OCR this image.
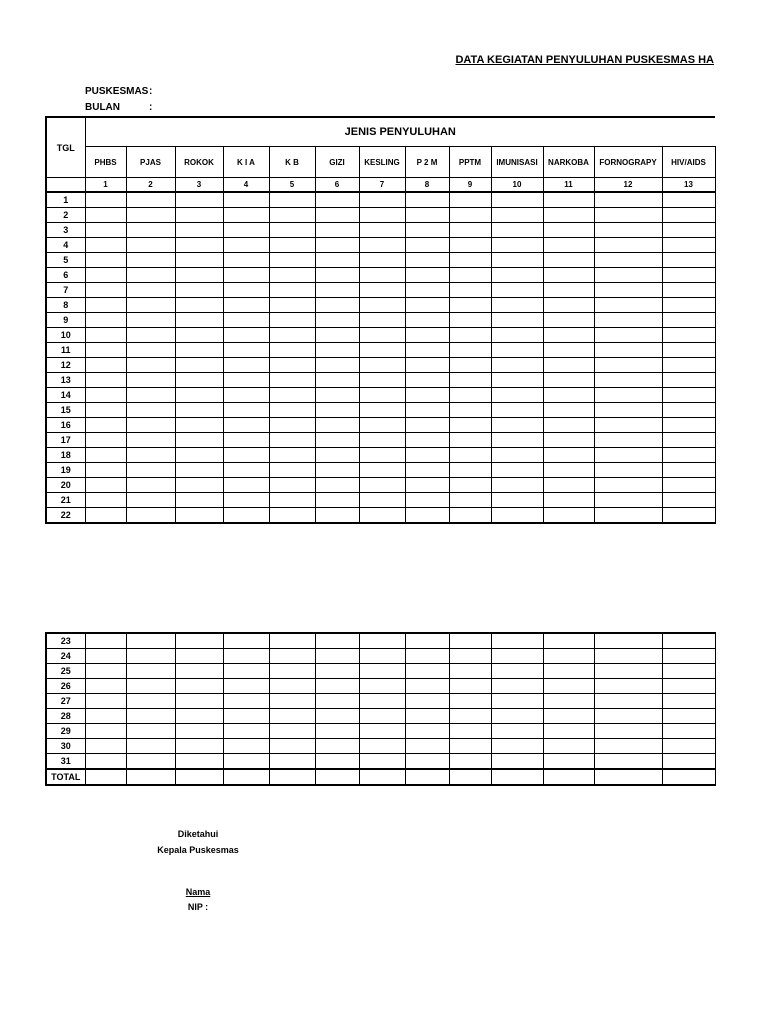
DATA KEGIATAN PENYULUHAN PUSKESMAS HA
PUSKESMAS:
BULAN	:
TGL	JENIS PENYULUHAN												
	PHBS	PJAS	ROKOK	K I A	K B	GIZI	KESLING	P 2 M	PPTM	IMUNISASI	NARKOBA	FORNOGRAPY	HIV/AIDS
	1	2	3	4	5	6	7	8	9	10	11	12	13
1													
2													
3													
4													
5													
6													
7													
8													
9													
10													
11													
12													
13													
14													
15													
16													
17													
18													
19													
20													
21													
22													
23													
24													
25													
26													
27													
28													
29													
30													
31													
TOTAL													
Diketahui
Kepala Puskesmas
Nama
NIP :
